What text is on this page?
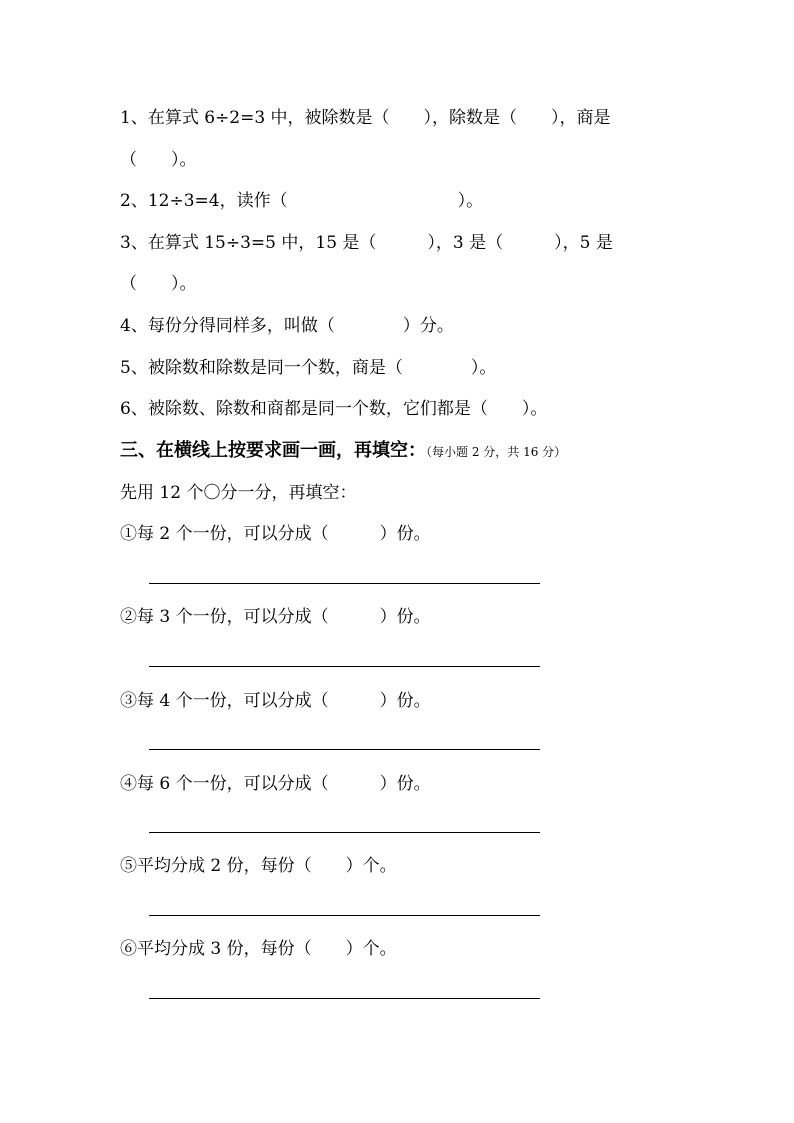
1、在算式 6÷2=3 中，被除数是（　　），除数是（　　），商是
（　　）。
2、12÷3=4，读作（　　　　　　　　　　）。
3、在算式 15÷3=5 中，15 是（　　　），3 是（　　　），5 是
（　　）。
4、每份分得同样多，叫做（　　　　）分。
5、被除数和除数是同一个数，商是（　　　　）。
6、被除数、除数和商都是同一个数，它们都是（　　）。
三、在横线上按要求画一画，再填空：（每小题 2 分，共 16 分）
先用 12 个〇分一分，再填空：
①每 2 个一份，可以分成（　　　）份。
②每 3 个一份，可以分成（　　　）份。
③每 4 个一份，可以分成（　　　）份。
④每 6 个一份，可以分成（　　　）份。
⑤平均分成 2 份，每份（　　）个。
⑥平均分成 3 份，每份（　　）个。
